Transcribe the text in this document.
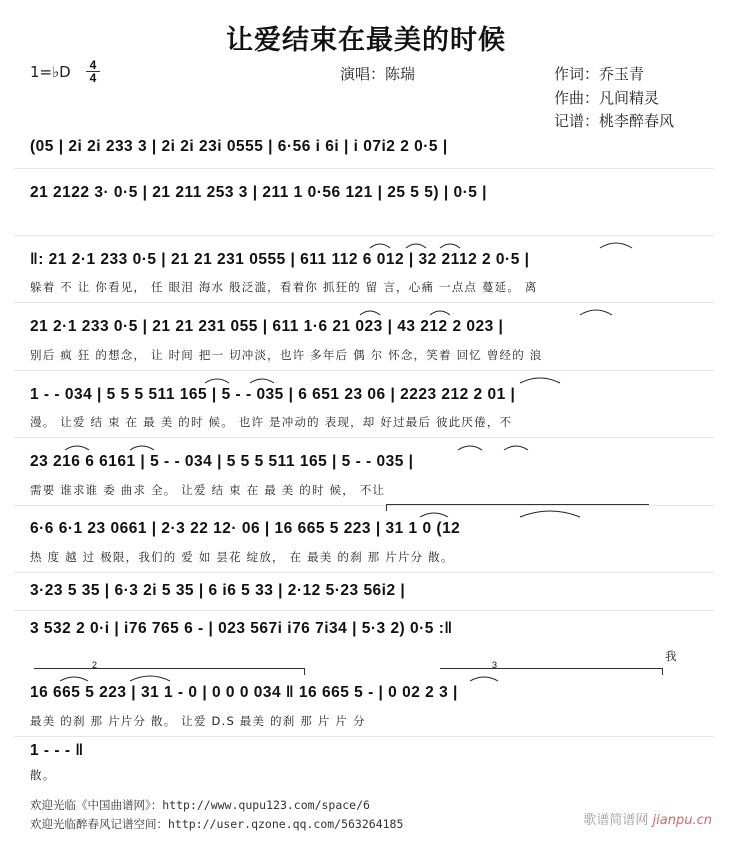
让爱结束在最美的时候
1=♭D	4
4	演唱：陈瑞	作词：乔玉青
作曲：凡间精灵
记谱：桃李醉春风
(05 | 2i 2i 233 3 | 2i 2i 23i 0555 | 6·56 i 6i | i 07i2 2 0·5 |
21 2122 3· 0·5 | 21 211 253 3 | 211 1 0·56 121 | 25 5 5) | 0·5 |
‖: 21 2·1 233 0·5 | 21 21 231 0555 | 611 112 6 012 | 32 2112 2 0·5 |
躲着 不 让 你看见， 任 眼泪 海水 般泛滥，看着你 抓狂的 留 言，心痛 一点点 蔓延。 离
21 2·1 233 0·5 | 21 21 231 055 | 611 1·6 21 023 | 43 212 2 023 |
别后 疯 狂 的想念， 让 时间 把一 切冲淡，也许 多年后 偶 尔 怀念，笑着 回忆 曾经的 浪
1 - - 034 | 5 5 5 511 165 | 5 - - 035 | 6 651 23 06 | 2223 212 2 01 |
漫。 让爱 结 束 在 最 美 的时 候。 也许 是冲动的 表现，却 好过最后 彼此厌倦，不
23 216 6 6161 | 5 - - 034 | 5 5 5 511 165 | 5 - - 035 |
需要 谁求谁 委 曲求 全。 让爱 结 束 在 最 美 的时 候， 不让
6·6 6·1 23 0661 | 2·3 22 12· 06 | 16 665 5 223 | 31 1 0 (12
热 度 越 过 极限，我们的 爱 如 昙花 绽放， 在 最美 的刹 那 片片分 散。
3·23 5 35 | 6·3 2i 5 35 | 6 i6 5 33 | 2·12 5·23 56i2 |
3 532 2 0·i | i76 765 6 - | 023 567i i76 7i34 | 5·3 2) 0·5 :‖
我
2	3
16 665 5 223 | 31 1 - 0 | 0 0 0 034 ‖ 16 665 5 - | 0 02 2 3 |
最美 的刹 那 片片分 散。 让爱 D.S 最美 的刹 那 片 片 分
1 - - - ‖
散。
欢迎光临《中国曲谱网》：http://www.qupu123.com/space/6
欢迎光临醉春风记谱空间：http://user.qzone.qq.com/563264185	歌谱简谱网 jianpu.cn
